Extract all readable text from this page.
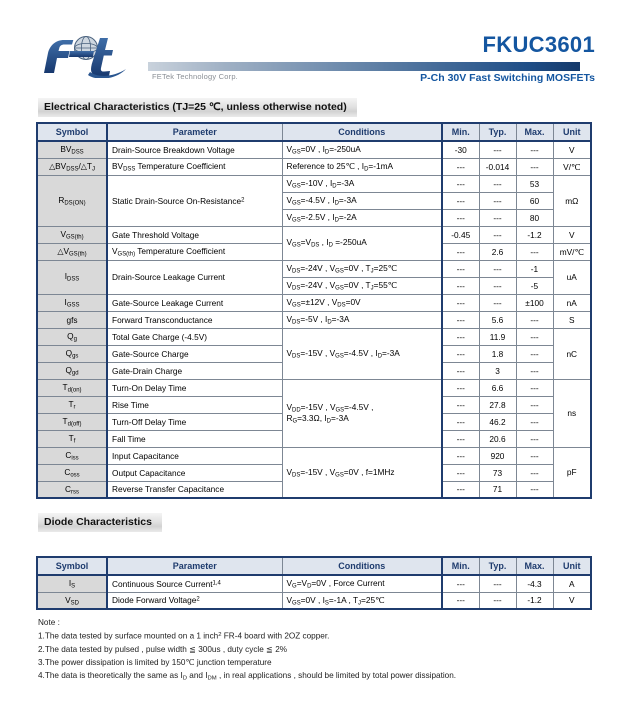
FETek Technology Corp.
FKUC3601
P-Ch 30V Fast Switching MOSFETs
Electrical Characteristics (TJ=25 ℃, unless otherwise noted)
Symbol	Parameter	Conditions	Min.	Typ.	Max.	Unit
$BV_{DSS}$	Drain-Source Breakdown Voltage	$V_{GS}=0V$ , $I_D=-250uA$	-30	---	---	V
$\triangle BV_{DSS}/\triangle T_J$	$BV_{DSS}$ Temperature Coefficient	Reference to 25℃ , $I_D=-1mA$	---	-0.014	---	V/℃
$R_{DS(ON)}$	Static Drain-Source On-Resistance$^2$	$V_{GS}=-10V$ , $I_D=-3A$	---	---	53	mΩ
		$V_{GS}=-4.5V$ , $I_D=-3A$	---	---	60	
		$V_{GS}=-2.5V$ , $I_D=-2A$	---	---	80	
$V_{GS(th)}$	Gate Threshold Voltage	$V_{GS}=V_{DS}$ , $I_D =-250uA$	-0.45	---	-1.2	V
$\triangle V_{GS(th)}$	$V_{GS(th)}$ Temperature Coefficient		---	2.6	---	mV/℃
$I_{DSS}$	Drain-Source Leakage Current	$V_{DS}=-24V$ , $V_{GS}=0V$ , $T_J=25℃$	---	---	-1	uA
		$V_{DS}=-24V$ , $V_{GS}=0V$ , $T_J=55℃$	---	---	-5	
$I_{GSS}$	Gate-Source Leakage Current	$V_{GS}=\pm 12V$ , $V_{DS}=0V$	---	---	±100	nA
gfs	Forward Transconductance	$V_{DS}=-5V$ , $I_D=-3A$	---	5.6	---	S
$Q_g$	Total Gate Charge (-4.5V)	$V_{DS}=-15V$ , $V_{GS}=-4.5V$ , $I_D=-3A$	---	11.9	---	nC
$Q_{gs}$	Gate-Source Charge		---	1.8	---	
$Q_{gd}$	Gate-Drain Charge		---	3	---	
$T_{d(on)}$	Turn-On Delay Time	$V_{DD}=-15V$ , $V_{GS}=-4.5V$ ,
$R_G=3.3\Omega$, $I_D=-3A$	---	6.6	---	ns
$T_r$	Rise Time		---	27.8	---	
$T_{d(off)}$	Turn-Off Delay Time		---	46.2	---	
$T_f$	Fall Time		---	20.6	---	
$C_{iss}$	Input Capacitance	$V_{DS}=-15V$ , $V_{GS}=0V$ , f=1MHz	---	920	---	pF
$C_{oss}$	Output Capacitance		---	73	---	
$C_{rss}$	Reverse Transfer Capacitance		---	71	---	
Diode Characteristics
Symbol	Parameter	Conditions	Min.	Typ.	Max.	Unit
$I_S$	Continuous Source Current$^{1,4}$	$V_G=V_D=0V$ , Force Current	---	---	-4.3	A
$V_{SD}$	Diode Forward Voltage$^2$	$V_{GS}=0V$ , $I_S=-1A$ , $T_J=25℃$	---	---	-1.2	V
Note :
1.The data tested by surface mounted on a 1 inch$^2$ FR-4 board with 2OZ copper.
2.The data tested by pulsed , pulse width ≦ 300us , duty cycle ≦ 2%
3.The power dissipation is limited by 150℃ junction temperature
4.The data is theoretically the same as $I_D$ and $I_{DM}$ , in real applications , should be limited by total power dissipation.
